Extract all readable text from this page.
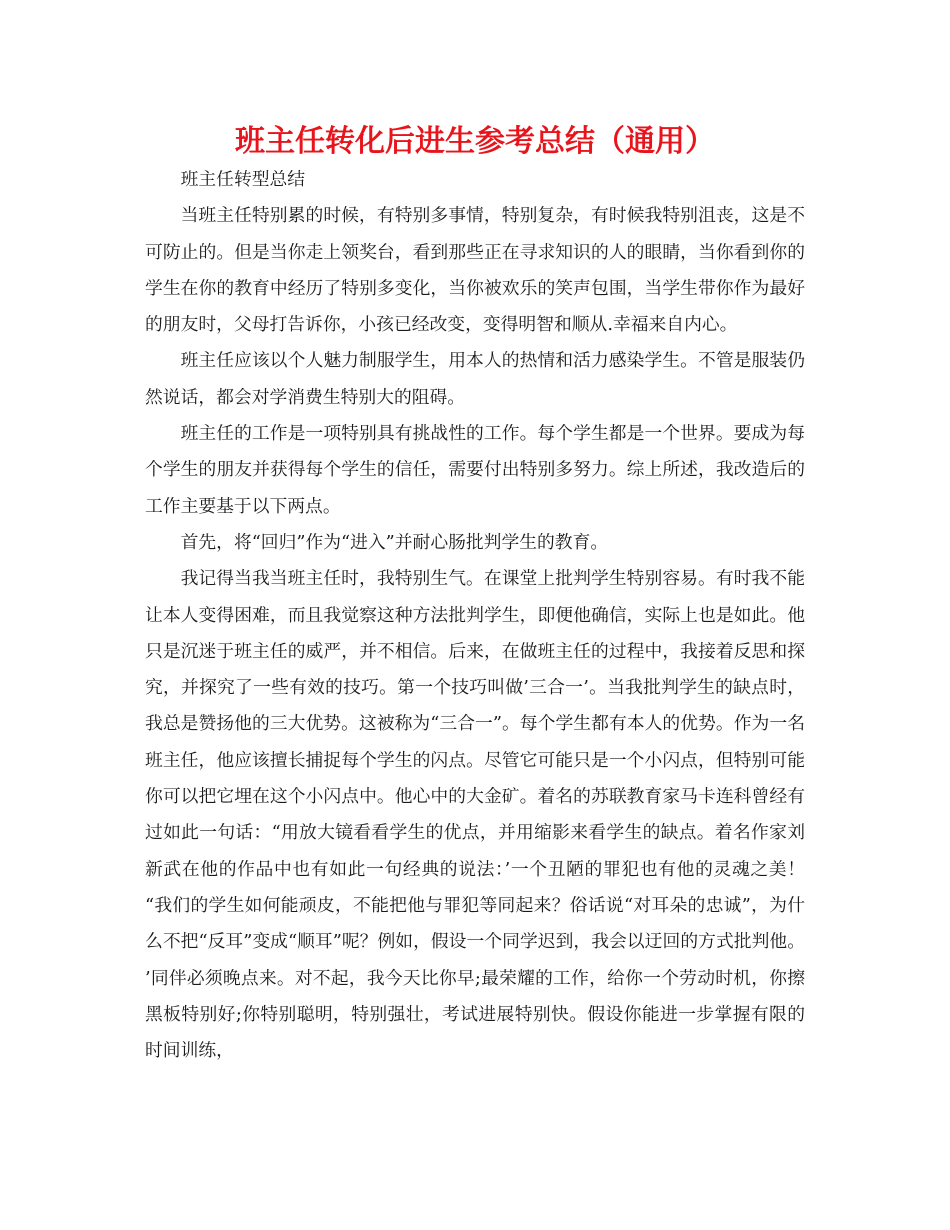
班主任转化后进生参考总结（通用）

班主任转型总结

当班主任特别累的时候，有特别多事情，特别复杂，有时候我特别沮丧，这是不可防止的。但是当你走上领奖台，看到那些正在寻求知识的人的眼睛，当你看到你的学生在你的教育中经历了特别多变化，当你被欢乐的笑声包围，当学生带你作为最好的朋友时，父母打告诉你，小孩已经改变，变得明智和顺从.幸福来自内心。

班主任应该以个人魅力制服学生，用本人的热情和活力感染学生。不管是服装仍然说话，都会对学消费生特别大的阻碍。

班主任的工作是一项特别具有挑战性的工作。每个学生都是一个世界。要成为每个学生的朋友并获得每个学生的信任，需要付出特别多努力。综上所述，我改造后的工作主要基于以下两点。

首先，将“回归”作为“进入”并耐心肠批判学生的教育。

我记得当我当班主任时，我特别生气。在课堂上批判学生特别容易。有时我不能让本人变得困难，而且我觉察这种方法批判学生，即便他确信，实际上也是如此。他只是沉迷于班主任的威严，并不相信。后来，在做班主任的过程中，我接着反思和探究，并探究了一些有效的技巧。第一个技巧叫做’三合一’。当我批判学生的缺点时，我总是赞扬他的三大优势。这被称为“三合一”。每个学生都有本人的优势。作为一名班主任，他应该擅长捕捉每个学生的闪点。尽管它可能只是一个小闪点，但特别可能你可以把它埋在这个小闪点中。他心中的大金矿。着名的苏联教育家马卡连科曾经有过如此一句话：“用放大镜看看学生的优点，并用缩影来看学生的缺点。着名作家刘新武在他的作品中也有如此一句经典的说法：’一个丑陋的罪犯也有他的灵魂之美！ “我们的学生如何能顽皮，不能把他与罪犯等同起来？俗话说“对耳朵的忠诚”，为什么不把“反耳”变成“顺耳”呢？例如，假设一个同学迟到，我会以迂回的方式批判他。 ’同伴必须晚点来。对不起，我今天比你早;最荣耀的工作，给你一个劳动时机，你擦黑板特别好;你特别聪明，特别强壮，考试进展特别快。假设你能进一步掌握有限的时间训练，
